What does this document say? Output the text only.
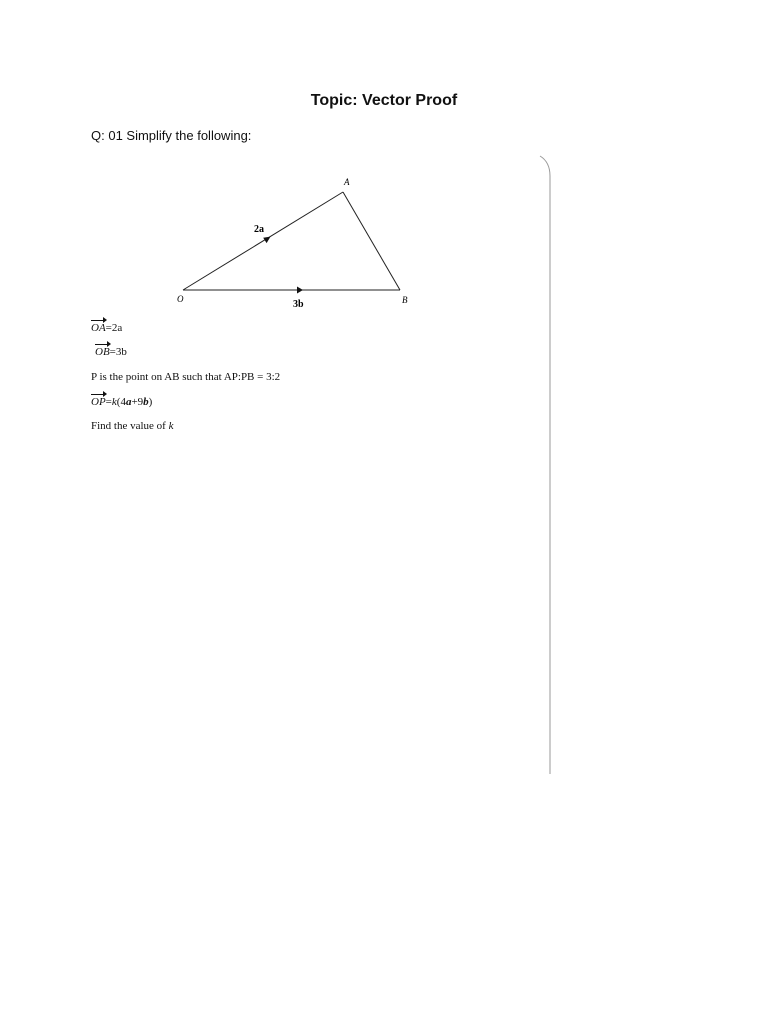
Topic: Vector Proof
Q: 01 Simplify the following:
O
A
B
2a
3b
OA=2a
OB=3b
P is the point on AB such that AP:PB = 3:2
OP=k(4a+9b)
Find the value of k
